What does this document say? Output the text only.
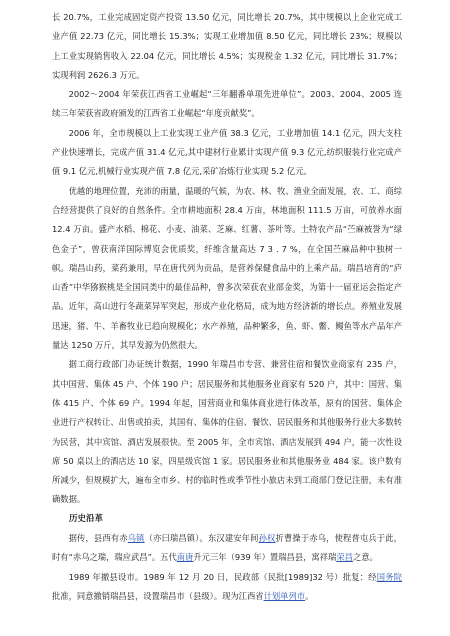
长 20.7%，工业完成固定资产投资 13.50 亿元，同比增长 20.7%，其中规模以上企业完成工业产值 22.73 亿元，同比增长 15.3%；实现工业增加值 8.50 亿元，同比增长 23%；规模以上工业实现销售收入 22.04 亿元，同比增长 4.5%；实现税金 1.32 亿元，同比增长 31.7%；实现利润 2626.3 万元。

2002～2004 年荣获江西省工业崛起“三年翻番单项先进单位”。2003、2004、2005 连续三年荣获省政府颁发的江西省工业崛起“年度贡献奖”。

2006 年，全市规模以上工业实现工业产值 38.3 亿元，工业增加值 14.1 亿元，四大支柱产业快速增长，完成产值 31.4 亿元,其中建材行业累计实现产值 9.3 亿元,纺织服装行业完成产值 9.1 亿元,机械行业实现产值 7.8 亿元,采矿冶炼行业实现 5.2 亿元。

优越的地理位置，充沛的雨量，温暖的气候，为农、林、牧、渔业全面发展，农、工、商综合经营提供了良好的自然条件。全市耕地面积 28.4 万亩，林地面积 111.5 万亩，可放养水面 12.4 万亩。盛产水稻、棉花、小麦、油菜、芝麻、红薯、茶叶等。土特农产品“苎麻被誉为“绿色金子”，曾获南洋国际博览会优质奖，纤维含量高达 7 3 . 7 %，在全国苎麻品种中独树一帜。瑞昌山药，菜药兼用，早在唐代列为贡品，是营养保健食品中的上乘产品。瑞昌培育的“庐山香”中华猕猴桃是全国同类中的最佳品种，曾多次荣获农业部金奖，为第十一届亚运会指定产品。近年，高山进行冬蔬菜异军突起，形成产业化格局，成为地方经济新的增长点。养殖业发展迅速，猪、牛、羊畜牧业已趋向规模化；水产养殖，品种繁多，鱼、虾、鳖、鳗鱼等水产品年产量达 1250 万斤，其早发源为仍然很大。

据工商行政部门办证统计数据，1990 年瑞昌市专营、兼营住宿和餐饮业商家有 235 户，其中国营、集体 45 户、个体 190 户；居民服务和其他服务业商家有 520 户，其中：国营、集体 415 户、个体 69 户。1994 年起，国营商业和集体商业进行体改革，原有的国营、集体企业进行产权转让、出售或拍卖，其国有、集体的住宿、餐饮、居民服务和其他服务行业大多数转为民营，其中宾馆、酒店发展很快。至 2005 年，全市宾馆、酒店发展到 494 户，能一次性设席 50 桌以上的酒店达 10 家，四星级宾馆 1 家。居民服务业和其他服务业 484 家。该户数有所减少，但规模扩大，遍布全市乡、村的临时性或季节性小旅店未到工商部门登记注册，未有准确数据。

历史沿革

据传，县西有赤乌镇（亦曰瑞昌镇）。东汉建安年间孙权折曹操于赤乌，使程普屯兵于此，时有“赤乌之瑞，瑞应武昌”。五代南唐升元三年（939 年）置瑞昌县，寓祥瑞荣昌之意。

1989 年撤县设市。1989 年 12 月 20 日，民政部（民批[1989]32 号）批复：经国务院批准，同意撤销瑞昌县，设置瑞昌市（县级）。现为江西省计划单列市。
